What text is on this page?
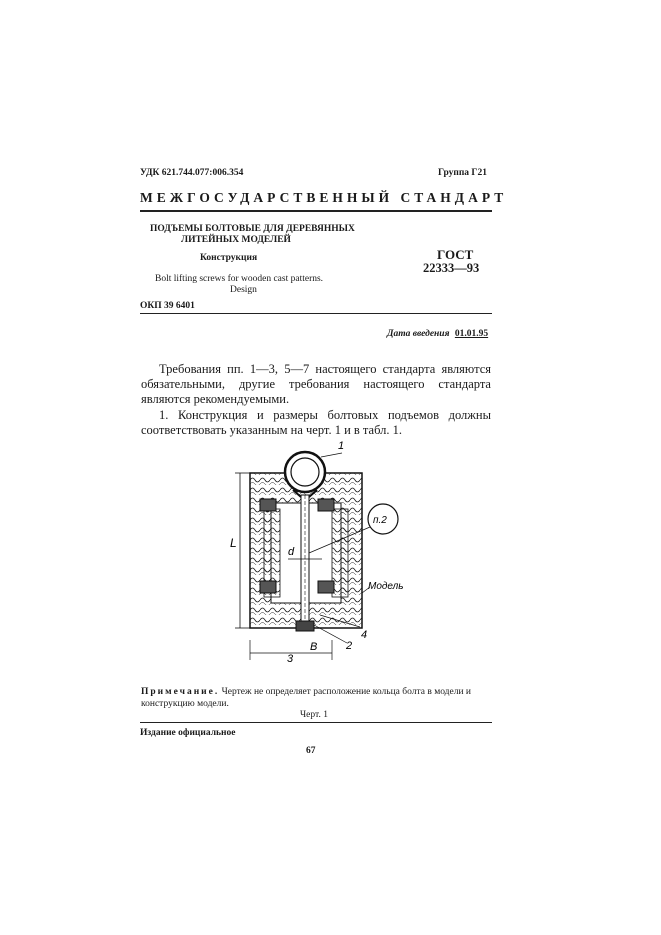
УДК 621.744.077:006.354	Группа Г21
МЕЖГОСУДАРСТВЕННЫЙ СТАНДАРТ
ПОДЪЕМЫ БОЛТОВЫЕ ДЛЯ ДЕРЕВЯННЫХ
ЛИТЕЙНЫХ МОДЕЛЕЙ
Конструкция
Bolt lifting screws for wooden cast patterns.
Design
ГОСТ
22333—93
ОКП 39 6401
Дата введения 01.01.95
Требования пп. 1—3, 5—7 настоящего стандарта являются обязательными, другие требования настоящего стандарта являются рекомендуемыми.
1. Конструкция и размеры болтовых подъемов должны соответствовать указанным на черт. 1 и в табл. 1.
L
d
B
1
п.2
Модель
2
3
4
Примечание. Чертеж не определяет расположение кольца болта в модели и конструкцию модели.
Черт. 1
Издание официальное
67
